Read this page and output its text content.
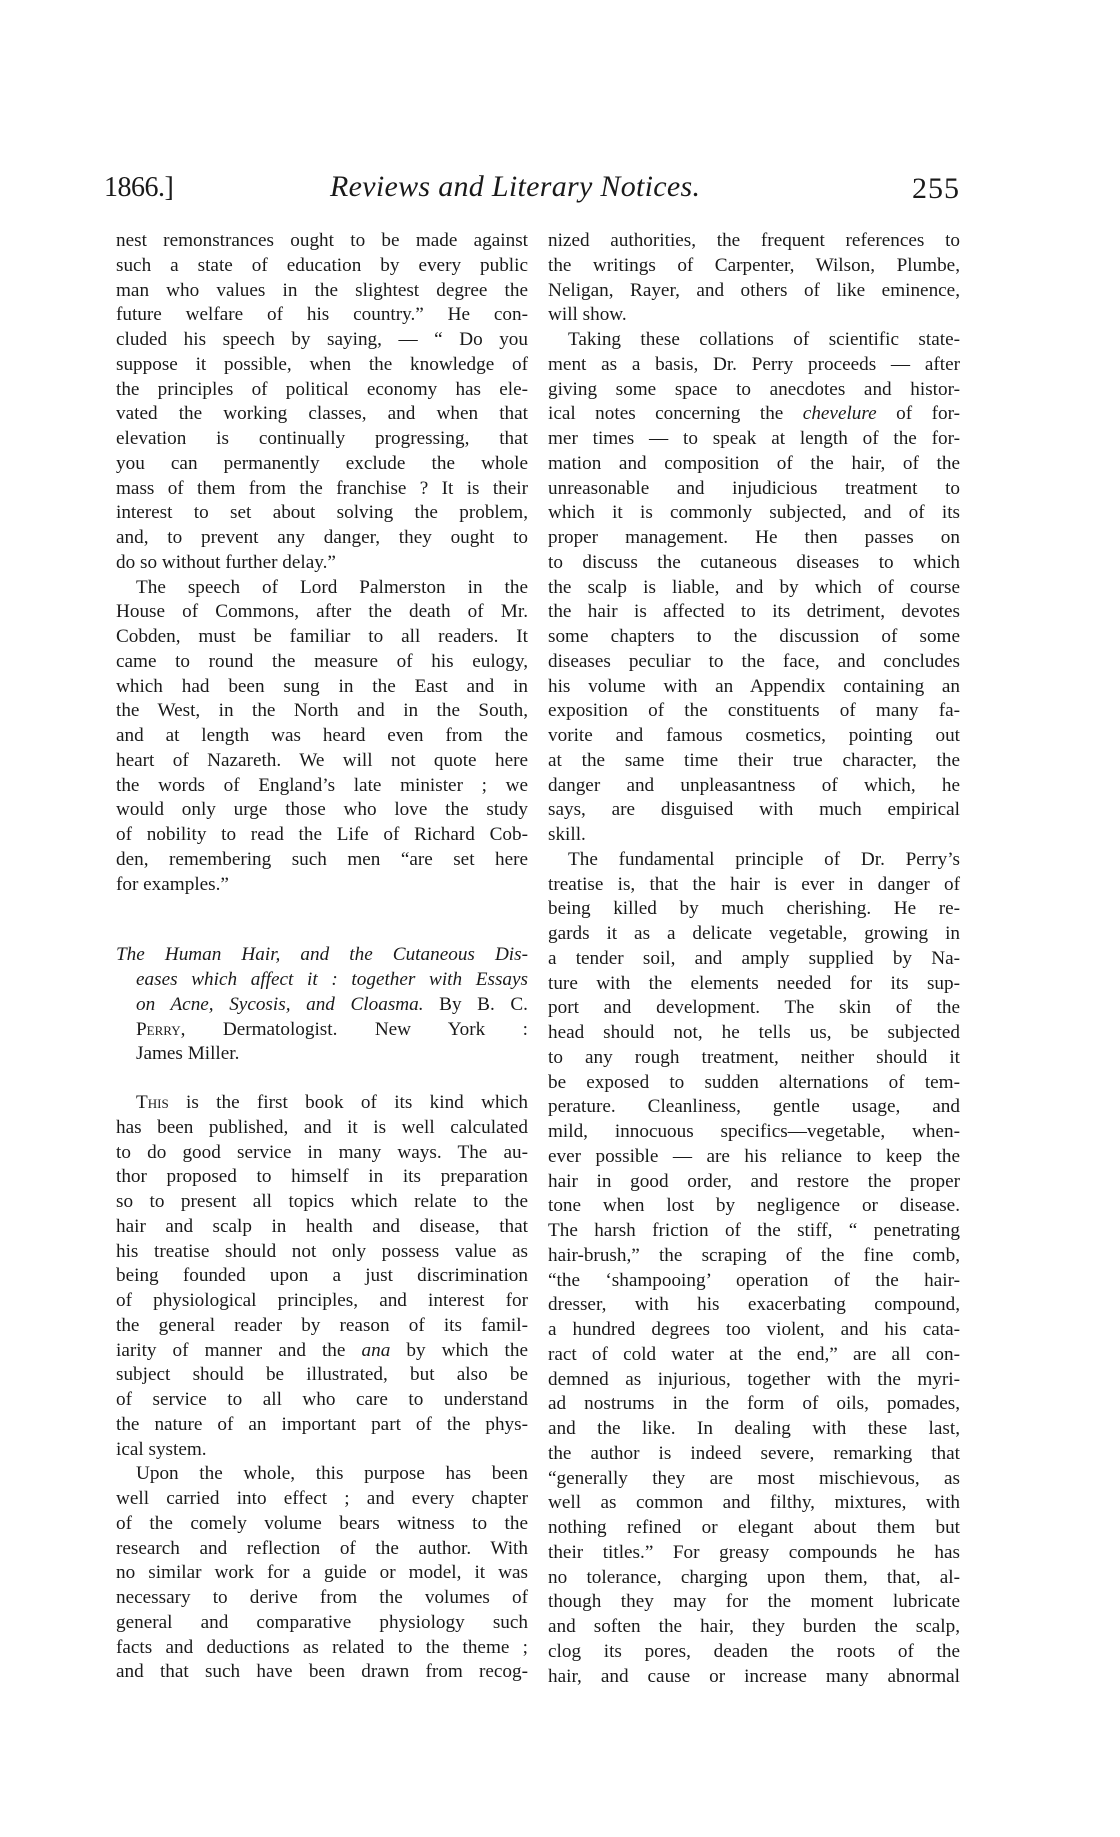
1866.]	Reviews and Literary Notices.	255
nest remonstrances ought to be made against
such a state of education by every public
man who values in the slightest degree the
future welfare of his country.” He con-
cluded his speech by saying, — “ Do you
suppose it possible, when the knowledge of
the principles of political economy has ele-
vated the working classes, and when that
elevation is continually progressing, that
you can permanently exclude the whole
mass of them from the franchise ? It is their
interest to set about solving the problem,
and, to prevent any danger, they ought to
do so without further delay.”
The speech of Lord Palmerston in the
House of Commons, after the death of Mr.
Cobden, must be familiar to all readers. It
came to round the measure of his eulogy,
which had been sung in the East and in
the West, in the North and in the South,
and at length was heard even from the
heart of Nazareth. We will not quote here
the words of England’s late minister ; we
would only urge those who love the study
of nobility to read the Life of Richard Cob-
den, remembering such men “are set here
for examples.”
The Human Hair, and the Cutaneous Dis-
eases which affect it : together with Essays
on Acne, Sycosis, and Cloasma. By B. C.
Perry, Dermatologist. New York :
James Miller.
This is the first book of its kind which
has been published, and it is well calculated
to do good service in many ways. The au-
thor proposed to himself in its preparation
so to present all topics which relate to the
hair and scalp in health and disease, that
his treatise should not only possess value as
being founded upon a just discrimination
of physiological principles, and interest for
the general reader by reason of its famil-
iarity of manner and the ana by which the
subject should be illustrated, but also be
of service to all who care to understand
the nature of an important part of the phys-
ical system.
Upon the whole, this purpose has been
well carried into effect ; and every chapter
of the comely volume bears witness to the
research and reflection of the author. With
no similar work for a guide or model, it was
necessary to derive from the volumes of
general and comparative physiology such
facts and deductions as related to the theme ;
and that such have been drawn from recog-
nized authorities, the frequent references to
the writings of Carpenter, Wilson, Plumbe,
Neligan, Rayer, and others of like eminence,
will show.
Taking these collations of scientific state-
ment as a basis, Dr. Perry proceeds — after
giving some space to anecdotes and histor-
ical notes concerning the chevelure of for-
mer times — to speak at length of the for-
mation and composition of the hair, of the
unreasonable and injudicious treatment to
which it is commonly subjected, and of its
proper management. He then passes on
to discuss the cutaneous diseases to which
the scalp is liable, and by which of course
the hair is affected to its detriment, devotes
some chapters to the discussion of some
diseases peculiar to the face, and concludes
his volume with an Appendix containing an
exposition of the constituents of many fa-
vorite and famous cosmetics, pointing out
at the same time their true character, the
danger and unpleasantness of which, he
says, are disguised with much empirical
skill.
The fundamental principle of Dr. Perry’s
treatise is, that the hair is ever in danger of
being killed by much cherishing. He re-
gards it as a delicate vegetable, growing in
a tender soil, and amply supplied by Na-
ture with the elements needed for its sup-
port and development. The skin of the
head should not, he tells us, be subjected
to any rough treatment, neither should it
be exposed to sudden alternations of tem-
perature. Cleanliness, gentle usage, and
mild, innocuous specifics—vegetable, when-
ever possible — are his reliance to keep the
hair in good order, and restore the proper
tone when lost by negligence or disease.
The harsh friction of the stiff, “ penetrating
hair-brush,” the scraping of the fine comb,
“the ‘shampooing’ operation of the hair-
dresser, with his exacerbating compound,
a hundred degrees too violent, and his cata-
ract of cold water at the end,” are all con-
demned as injurious, together with the myri-
ad nostrums in the form of oils, pomades,
and the like. In dealing with these last,
the author is indeed severe, remarking that
“generally they are most mischievous, as
well as common and filthy, mixtures, with
nothing refined or elegant about them but
their titles.” For greasy compounds he has
no tolerance, charging upon them, that, al-
though they may for the moment lubricate
and soften the hair, they burden the scalp,
clog its pores, deaden the roots of the
hair, and cause or increase many abnormal
